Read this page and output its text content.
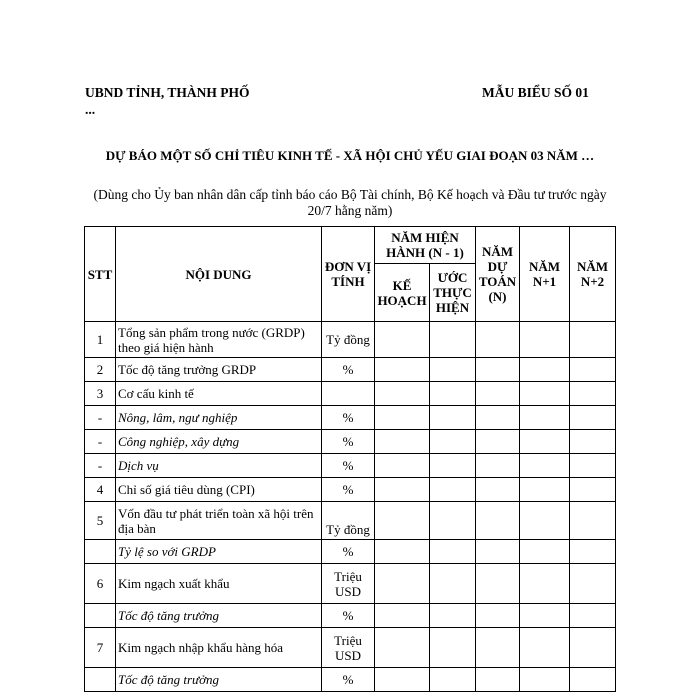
UBND TỈNH, THÀNH PHỐ ...
MẪU BIỂU SỐ 01
DỰ BÁO MỘT SỐ CHỈ TIÊU KINH TẾ - XÃ HỘI CHỦ YẾU GIAI ĐOẠN 03 NĂM …
(Dùng cho Ủy ban nhân dân cấp tỉnh báo cáo Bộ Tài chính, Bộ Kế hoạch và Đầu tư trước ngày 20/7 hằng năm)
STT	NỘI DUNG	ĐƠN VỊ TÍNH	NĂM HIỆN HÀNH (N - 1)		NĂM DỰ TOÁN (N)	NĂM N+1	NĂM N+2
			KẾ HOẠCH	ƯỚC THỰC HIỆN			
1	Tổng sản phẩm trong nước (GRDP) theo giá hiện hành	Tỷ đồng					
2	Tốc độ tăng trưởng GRDP	%					
3	Cơ cấu kinh tế						
-	Nông, lâm, ngư nghiệp	%					
-	Công nghiệp, xây dựng	%					
-	Dịch vụ	%					
4	Chỉ số giá tiêu dùng (CPI)	%					
5	Vốn đầu tư phát triển toàn xã hội trên địa bàn	Tỷ đồng					
	Tỷ lệ so với GRDP	%					
6	Kim ngạch xuất khẩu	Triệu USD					
	Tốc độ tăng trưởng	%					
7	Kim ngạch nhập khẩu hàng hóa	Triệu USD					
	Tốc độ tăng trưởng	%					
